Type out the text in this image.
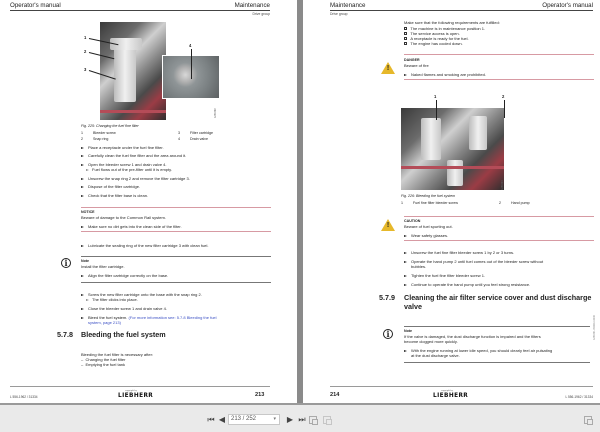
Operator's manual	Maintenance
Drive group
1
2
3
4
A456789
Fig. 225: Changing the fuel fine filter
1	Bleeder screw	3	Filter cartridge
2	Snap ring	4	Drain valve
Place a receptacle under the fuel fine filter.
Carefully clean the fuel fine filter and the area around it.
Open the bleeder screw 1 and drain valve 4.
Fuel flows out of the pre-filter until it is empty.
Unscrew the snap ring 2 and remove the filter cartridge 3.
Dispose of the filter cartridge.
Check that the filter base is clean.
NOTICE
Beware of damage to the Common Rail system.
Make sure no dirt gets into the clean side of the filter.
Lubricate the sealing ring of the new filter cartridge 3 with clean fuel.
i	Note
Install the filter cartridge.
Align the filter cartridge correctly on the base.
Screw the new filter cartridge onto the base with the snap ring 2.
The filter clicks into place.
Close the bleeder screw 1 and drain valve 4.
Bleed the fuel system. (For more information see: 5.7.8 Bleeding the fuel
system, page 213)
5.7.8 Bleeding the fuel system
Bleeding the fuel filter is necessary after:
–  Changing the fuel filter
–  Emptying the fuel tank
L 556-1962 / 31334
copyright by
LIEBHERR	213
Maintenance	Operator's manual
Drive group
Make sure that the following requirements are fulfilled:
The machine is in maintenance position 1.
The service access is open.
A receptacle is ready for the fuel.
The engine has cooled down.
!
DANGER
Beware of fire
Naked flames and smoking are prohibited.
1	2
A456790
Fig. 226: Bleeding the fuel system
1	Fuel fine filter bleeder screw	2	Hand pump
!
CAUTION
Beware of fuel spurting out.
Wear safety glasses.
Unscrew the fuel fine filter bleeder screw 1 by 2 or 3 turns.
Operate the hand pump 2 until fuel comes out of the bleeder screw without
bubbles.
Tighten the fuel fine filter bleeder screw 1.
Continue to operate the hand pump until you feel strong resistance.
5.7.9 Cleaning the air filter service cover and dust discharge
valve
A456791-B0000-10000
i	Note
If the valve is damaged, the dust discharge function is impaired and the filters
become clogged more quickly.
With the engine running at lower idle speed, you should clearly feel air pulsating
at the dust discharge valve.
214
copyright by
LIEBHERR	L 556-1962 / 31334
⏮ ◀ 213 / 252	▾ ▶ ⏭
